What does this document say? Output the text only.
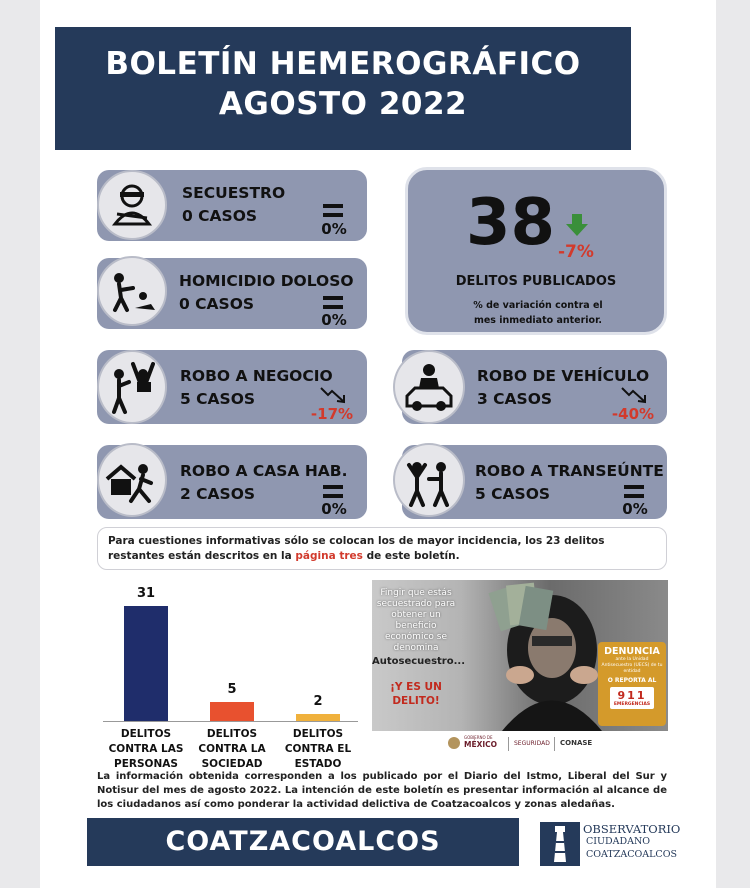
BOLETÍN HEMEROGRÁFICO
AGOSTO 2022
SECUESTRO
0 CASOS
0%
HOMICIDIO DOLOSO
0 CASOS
0%
ROBO A NEGOCIO
5 CASOS
-17%
ROBO DE VEHÍCULO
3 CASOS
-40%
ROBO A CASA HAB.
2 CASOS
0%
ROBO A TRANSEÚNTE
5 CASOS
0%
38 -7%
DELITOS PUBLICADOS
% de variación contra el mes inmediato anterior.
Para cuestiones informativas sólo se colocan los de mayor incidencia, los 23 delitos restantes están descritos en la página tres de este boletín.
31
DELITOS CONTRA LAS PERSONAS
5
DELITOS CONTRA LA SOCIEDAD
2
DELITOS CONTRA EL ESTADO
Fingir que estás secuestrado para obtener un beneficio económico se denomina
Autosecuestro...
¡Y ES UN DELITO!
DENUNCIA
ante la Unidad Antisecuestro (UECS) de tu entidad
O REPORTA AL
911
EMERGENCIAS
GOBIERNO DE
MÉXICO	SEGURIDAD CONASE
La información obtenida corresponden a los publicado por el Diario del Istmo, Liberal del Sur y Notisur del mes de agosto 2022. La intención de este boletín es presentar información al alcance de los ciudadanos así como ponderar la actividad delictiva de Coatzacoalcos y zonas aledañas.
COATZACOALCOS	OBSERVATORIO
CIUDADANO
COATZACOALCOS
